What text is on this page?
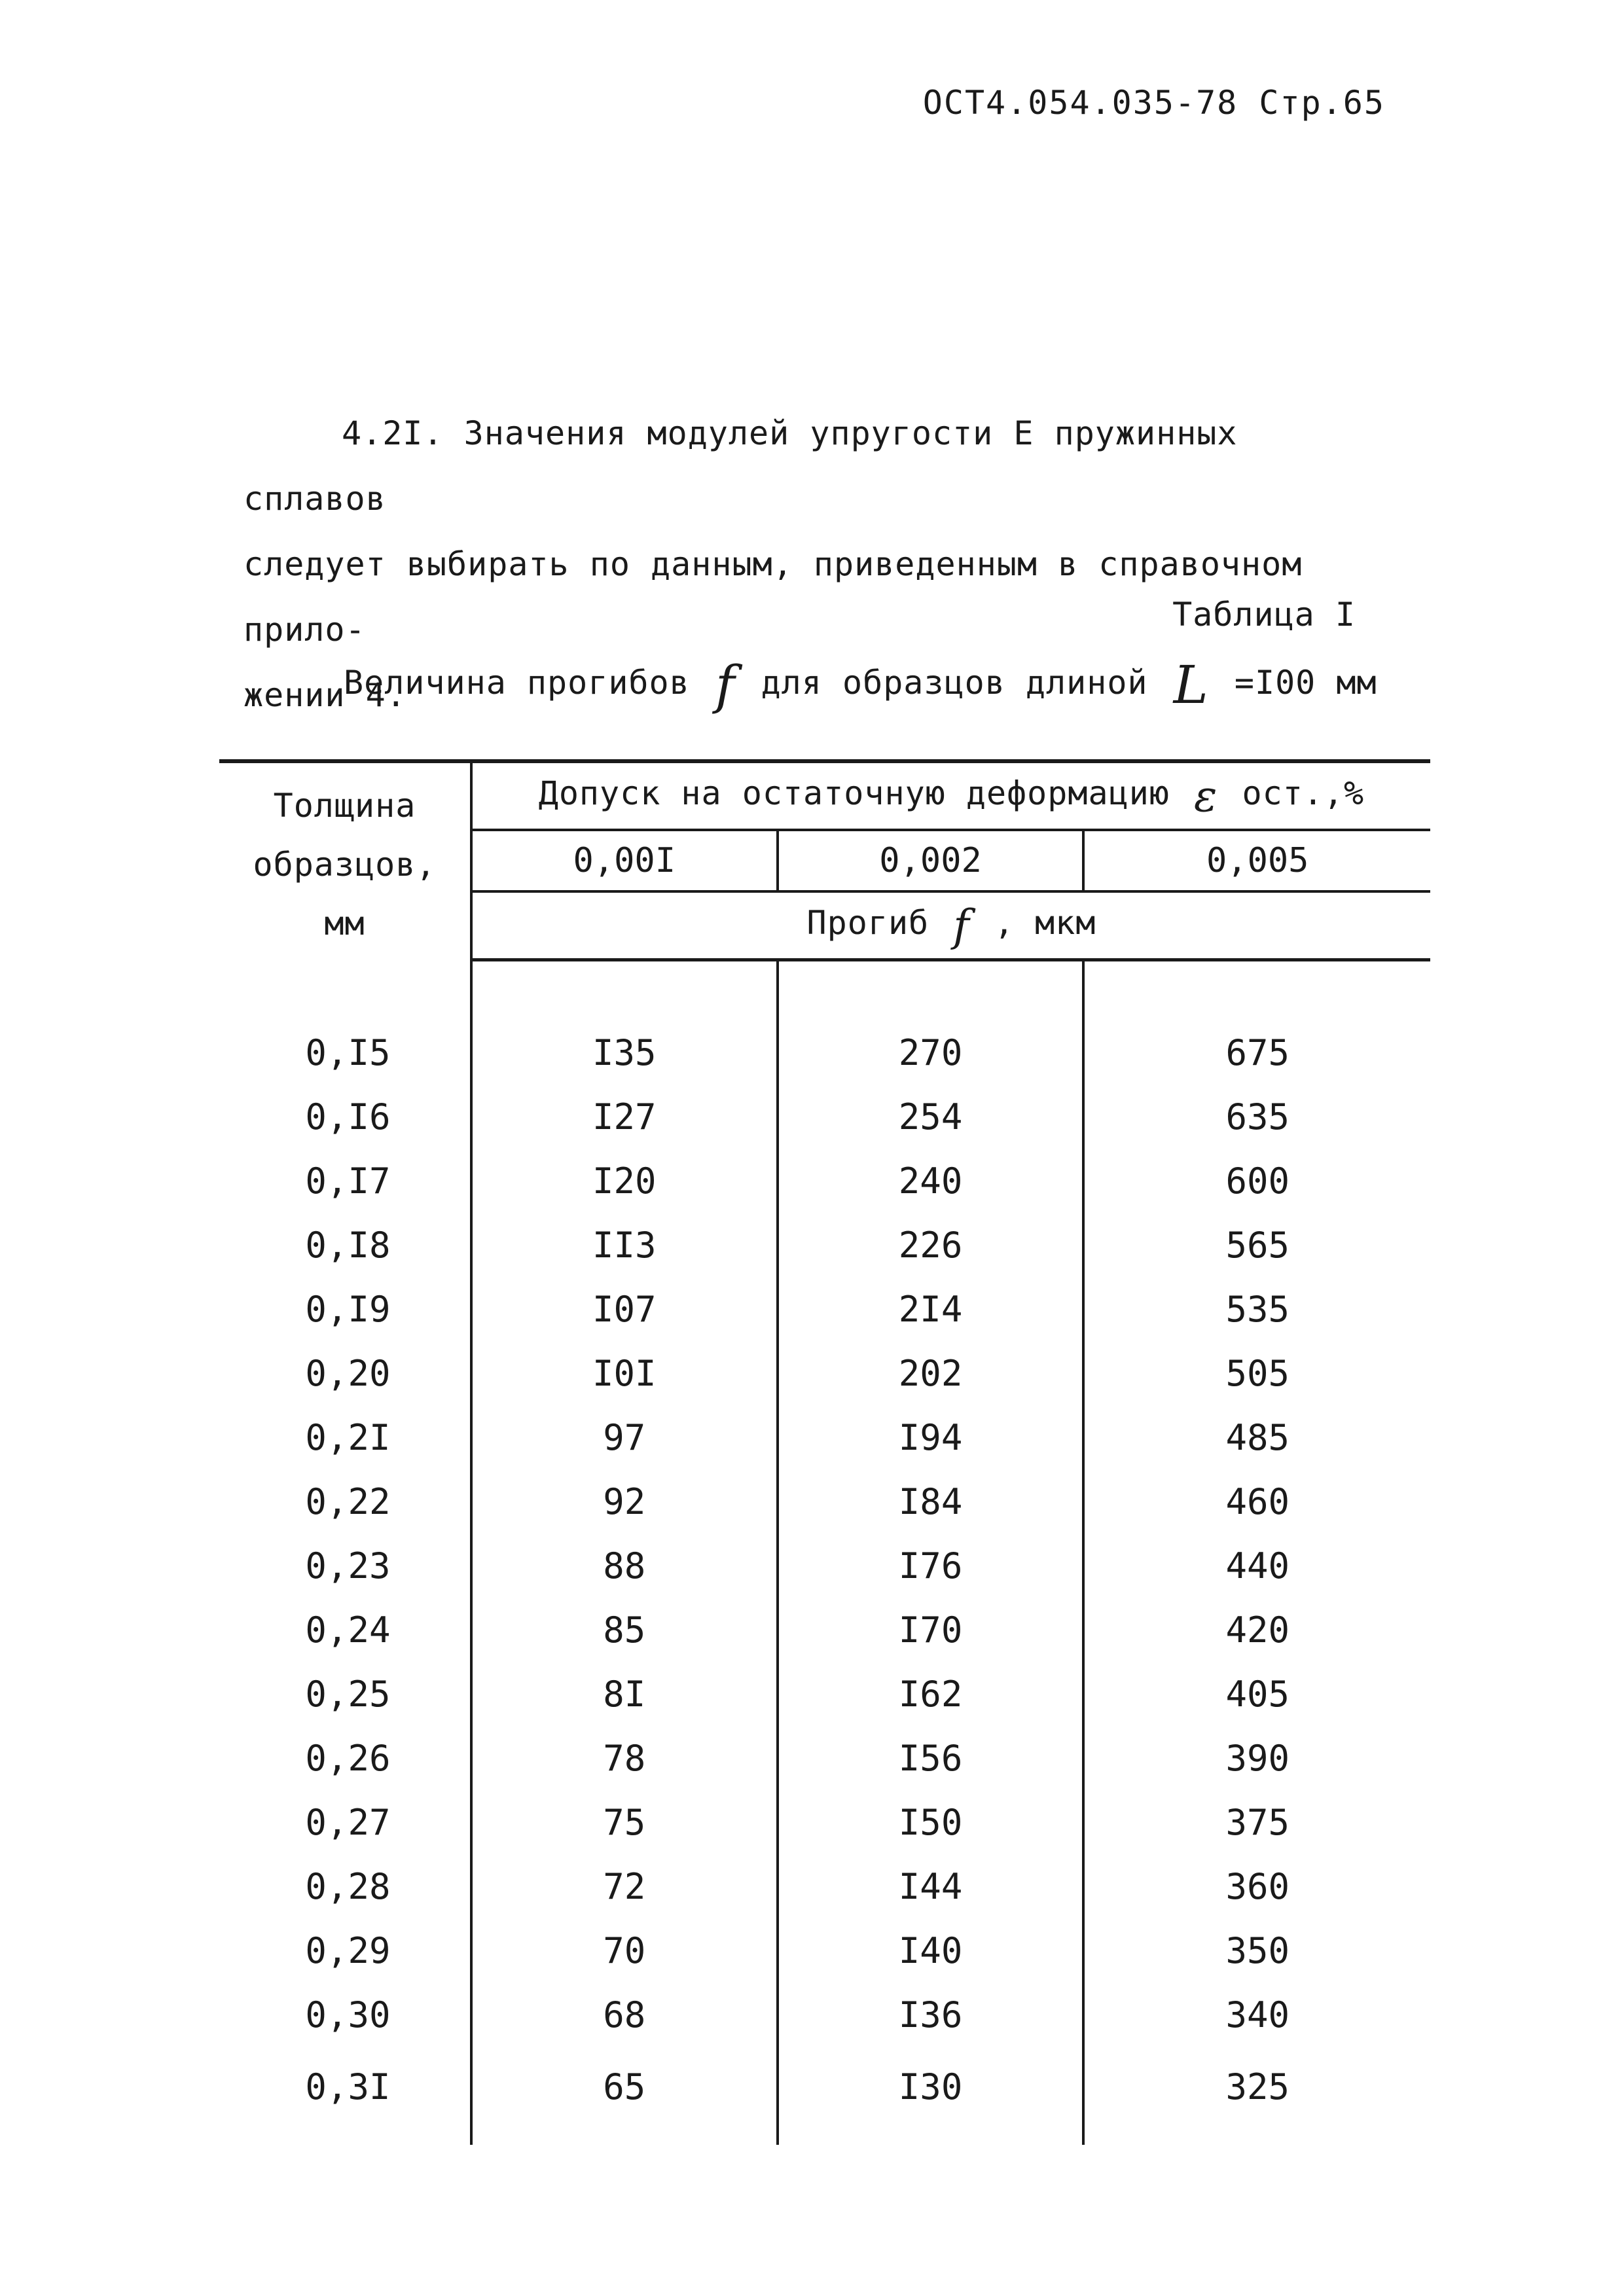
ОСТ4.054.035-78 Стр.65
4.2I. Значения модулей упругости Е пружинных сплавов
следует выбирать по данным, приведенным в справочном прило-
жении 4.
Таблица I
Величина прогибов f для образцов длиной L =I00 мм
Толщина
образцов,
мм	Допуск на остаточную деформацию ε ост.,%		
	0,00I	0,002	0,005
	Прогиб f , мкм		

0,I5	I35	270	675
0,I6	I27	254	635
0,I7	I20	240	600
0,I8	II3	226	565
0,I9	I07	2I4	535
0,20	I0I	202	505
0,2I	97	I94	485
0,22	92	I84	460
0,23	88	I76	440
0,24	85	I70	420
0,25	8I	I62	405
0,26	78	I56	390
0,27	75	I50	375
0,28	72	I44	360
0,29	70	I40	350
0,30	68	I36	340
0,3I	65	I30	325
